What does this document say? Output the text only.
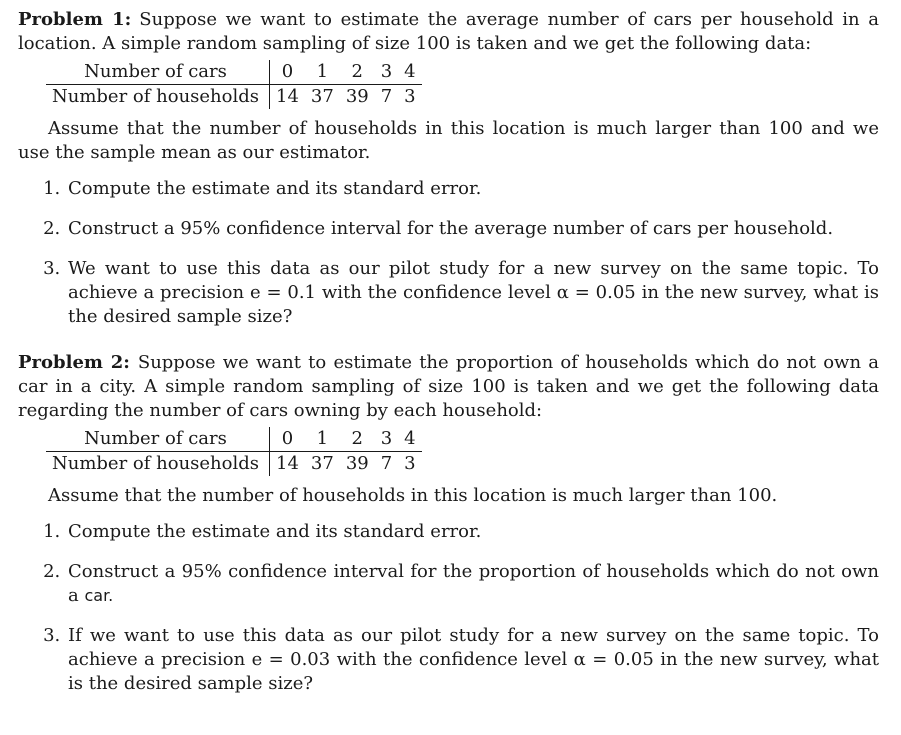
Problem 1: Suppose we want to estimate the average number of cars per household in a location. A simple random sampling of size 100 is taken and we get the following data:

Number of cars	0	1	2	3	4
Number of households	14	37	39	7	3

Assume that the number of households in this location is much larger than 100 and we use the sample mean as our estimator.

1. Compute the estimate and its standard error.
2. Construct a 95% confidence interval for the average number of cars per household.
3. We want to use this data as our pilot study for a new survey on the same topic. To achieve a precision e = 0.1 with the confidence level α = 0.05 in the new survey, what is the desired sample size?

Problem 2: Suppose we want to estimate the proportion of households which do not own a car in a city. A simple random sampling of size 100 is taken and we get the following data regarding the number of cars owning by each household:

Number of cars	0	1	2	3	4
Number of households	14	37	39	7	3

Assume that the number of households in this location is much larger than 100.

1. Compute the estimate and its standard error.
2. Construct a 95% confidence interval for the proportion of households which do not own a car.
3. If we want to use this data as our pilot study for a new survey on the same topic. To achieve a precision e = 0.03 with the confidence level α = 0.05 in the new survey, what is the desired sample size?
